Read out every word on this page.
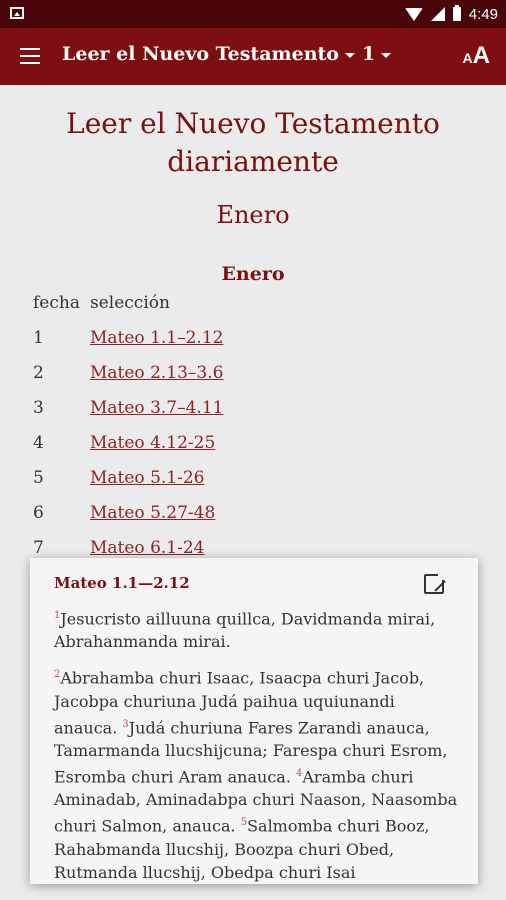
4:49
Leer el Nuevo Testamento	1	AA
Leer el Nuevo Testamento
diariamente
Enero
Enero
fecha	selección
1	Mateo 1.1–2.12
2	Mateo 2.13–3.6
3	Mateo 3.7–4.11
4	Mateo 4.12-25
5	Mateo 5.1-26
6	Mateo 5.27-48
7	Mateo 6.1-24
Mateo 1.1—2.12

$^1$Jesucristo ailluuna quillca, Davidmanda mirai, Abrahanmanda mirai.

$^2$Abrahamba churi Isaac, Isaacpa churi Jacob, Jacobpa churiuna Judá paihua uquiunandi anauca. $^3$Judá churiuna Fares Zarandi anauca, Tamarmanda llucshijcuna; Farespa churi Esrom, Esromba churi Aram anauca. $^4$Aramba churi Aminadab, Aminadabpa churi Naason, Naasomba churi Salmon, anauca. $^5$Salmomba churi Booz, Rahabmanda llucshij, Boozpa churi Obed, Rutmanda llucshij, Obedpa churi Isai
